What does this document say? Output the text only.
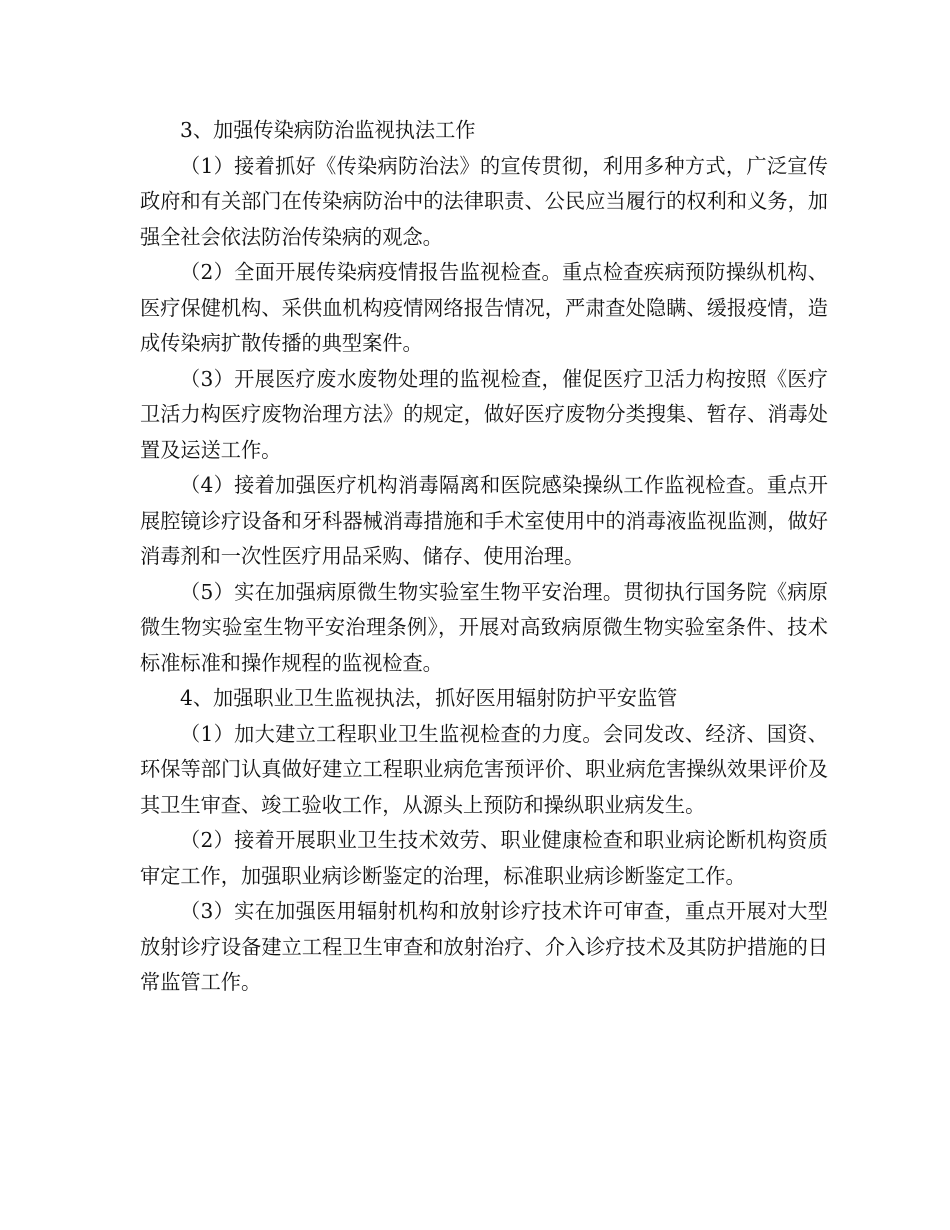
3、加强传染病防治监视执法工作

（1）接着抓好《传染病防治法》的宣传贯彻，利用多种方式，广泛宣传政府和有关部门在传染病防治中的法律职责、公民应当履行的权利和义务，加强全社会依法防治传染病的观念。

（2）全面开展传染病疫情报告监视检查。重点检查疾病预防操纵机构、医疗保健机构、采供血机构疫情网络报告情况，严肃查处隐瞒、缓报疫情，造成传染病扩散传播的典型案件。

（3）开展医疗废水废物处理的监视检查，催促医疗卫活力构按照《医疗卫活力构医疗废物治理方法》的规定，做好医疗废物分类搜集、暂存、消毒处置及运送工作。

（4）接着加强医疗机构消毒隔离和医院感染操纵工作监视检查。重点开展腔镜诊疗设备和牙科器械消毒措施和手术室使用中的消毒液监视监测，做好消毒剂和一次性医疗用品采购、储存、使用治理。

（5）实在加强病原微生物实验室生物平安治理。贯彻执行国务院《病原微生物实验室生物平安治理条例》，开展对高致病原微生物实验室条件、技术标准标准和操作规程的监视检查。

4、加强职业卫生监视执法，抓好医用辐射防护平安监管

（1）加大建立工程职业卫生监视检查的力度。会同发改、经济、国资、环保等部门认真做好建立工程职业病危害预评价、职业病危害操纵效果评价及其卫生审查、竣工验收工作，从源头上预防和操纵职业病发生。

（2）接着开展职业卫生技术效劳、职业健康检查和职业病论断机构资质审定工作，加强职业病诊断鉴定的治理，标准职业病诊断鉴定工作。

（3）实在加强医用辐射机构和放射诊疗技术许可审查，重点开展对大型放射诊疗设备建立工程卫生审查和放射治疗、介入诊疗技术及其防护措施的日常监管工作。
